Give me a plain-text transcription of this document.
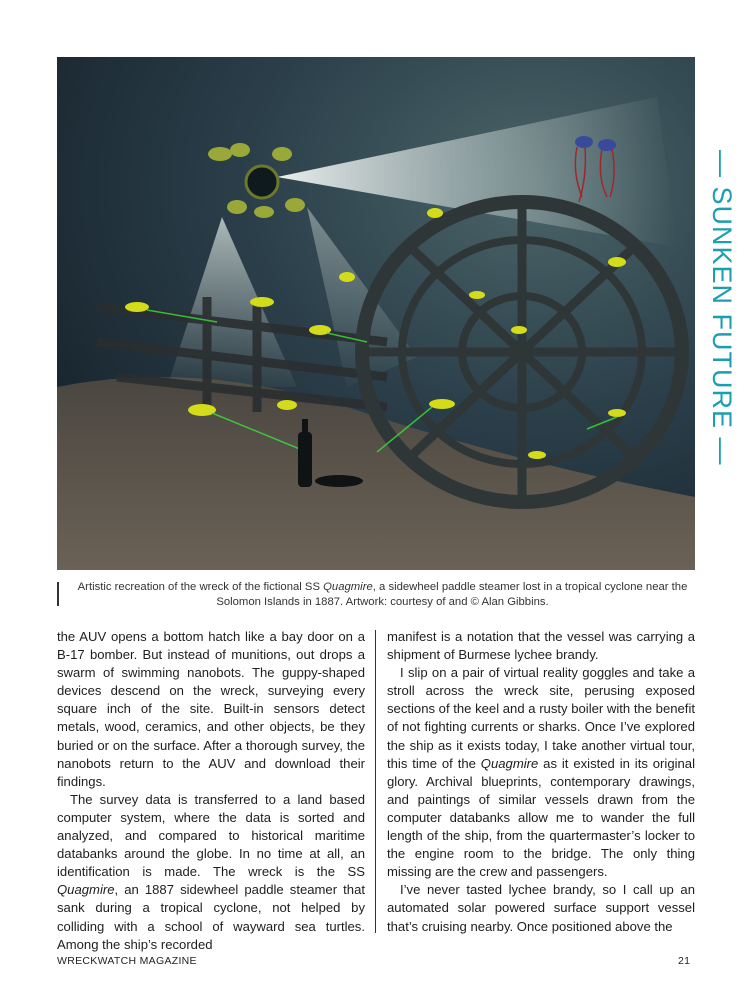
— SUNKEN FUTURE —
Artistic recreation of the wreck of the fictional SS Quagmire, a sidewheel paddle steamer lost in a tropical cyclone near the Solomon Islands in 1887. Artwork: courtesy of and © Alan Gibbins.

the AUV opens a bottom hatch like a bay door on a B-17 bomber. But instead of munitions, out drops a swarm of swimming nanobots. The guppy-shaped devices descend on the wreck, surveying every square inch of the site. Built-in sensors detect metals, wood, ceramics, and other objects, be they buried or on the surface. After a thorough survey, the nanobots return to the AUV and download their findings.

The survey data is transferred to a land based computer system, where the data is sorted and analyzed, and compared to historical maritime databanks around the globe. In no time at all, an identification is made. The wreck is the SS Quagmire, an 1887 sidewheel paddle steamer that sank during a tropical cyclone, not helped by colliding with a school of wayward sea turtles. Among the ship’s recorded

manifest is a notation that the vessel was carrying a shipment of Burmese lychee brandy.

I slip on a pair of virtual reality goggles and take a stroll across the wreck site, perusing exposed sections of the keel and a rusty boiler with the benefit of not fighting currents or sharks. Once I’ve explored the ship as it exists today, I take another virtual tour, this time of the Quagmire as it existed in its original glory. Archival blueprints, contemporary drawings, and paintings of similar vessels drawn from the computer databanks allow me to wander the full length of the ship, from the quartermaster’s locker to the engine room to the bridge. The only thing missing are the crew and passengers.

I’ve never tasted lychee brandy, so I call up an automated solar powered surface support vessel that’s cruising nearby. Once positioned above the

WRECKWATCH MAGAZINE	21
